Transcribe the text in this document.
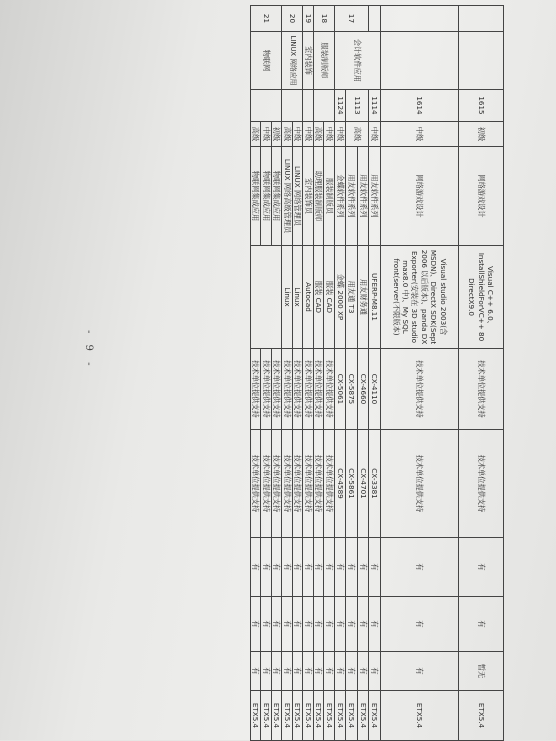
		1615	初级	网络游戏设计	Visual C++ 6.0、InstallShieldForVC++ 80 DirectX9.0	技术单位提供支持	技术单位提供支持	有	有	暂无	ETX5.4
		1614	中级	网络游戏设计	Visual studio 2003(含MSDN)、DirectX SDK(Sept 2006 以后版本)、panda DX Exporter(安装在 3D studio max8.0 中)、My SQL front(server(不限版本)	技术单位提供支持	技术单位提供支持	有	有	有	ETX5.4
	会计软件应用	1114	中级	用友软件系列	UFERP-M8.11	CX-4110	CX-3381	有	有	有	ETX5.4
17		1113	高级	用友软件系列	用友财务通	CX-4660	CX-4701	有	有	有	ETX5.4
				用友软件系列	用友通 T3	CX-5875	CX-5861	有	有	有	ETX5.4
		1124	中级	金蝶软件系列	金蝶 2000 XP	CX-5061	CX-4589	有	有	有	ETX5.4
18	服装制版师		中级	服装制版员	服装 CAD	技术单位提供支持	技术单位提供支持	有	有	有	ETX5.4
			高级	助理服装制版师	服装 CAD	技术单位提供支持	技术单位提供支持	有	有	有	ETX5.4
19	室内装饰		中级	室内装饰员	Autocad	技术单位提供支持	技术单位提供支持	有	有	有	ETX5.4
20	LINUX 网络应用		中级	LINUX 网络管理员	Linux	技术单位提供支持	技术单位提供支持	有	有	有	ETX5.4
			高级	LINUX 网络高级管理员	Linux	技术单位提供支持	技术单位提供支持	有	有	有	ETX5.4
21	物联网		初级	物联网集成应用		技术单位提供支持	技术单位提供支持	有	有	有	ETX5.4
			中级	物联网集成应用		技术单位提供支持	技术单位提供支持	有	有	有	ETX5.4
			高级	物联网集成应用		技术单位提供支持	技术单位提供支持	有	有	有	ETX5.4
- 9 -
